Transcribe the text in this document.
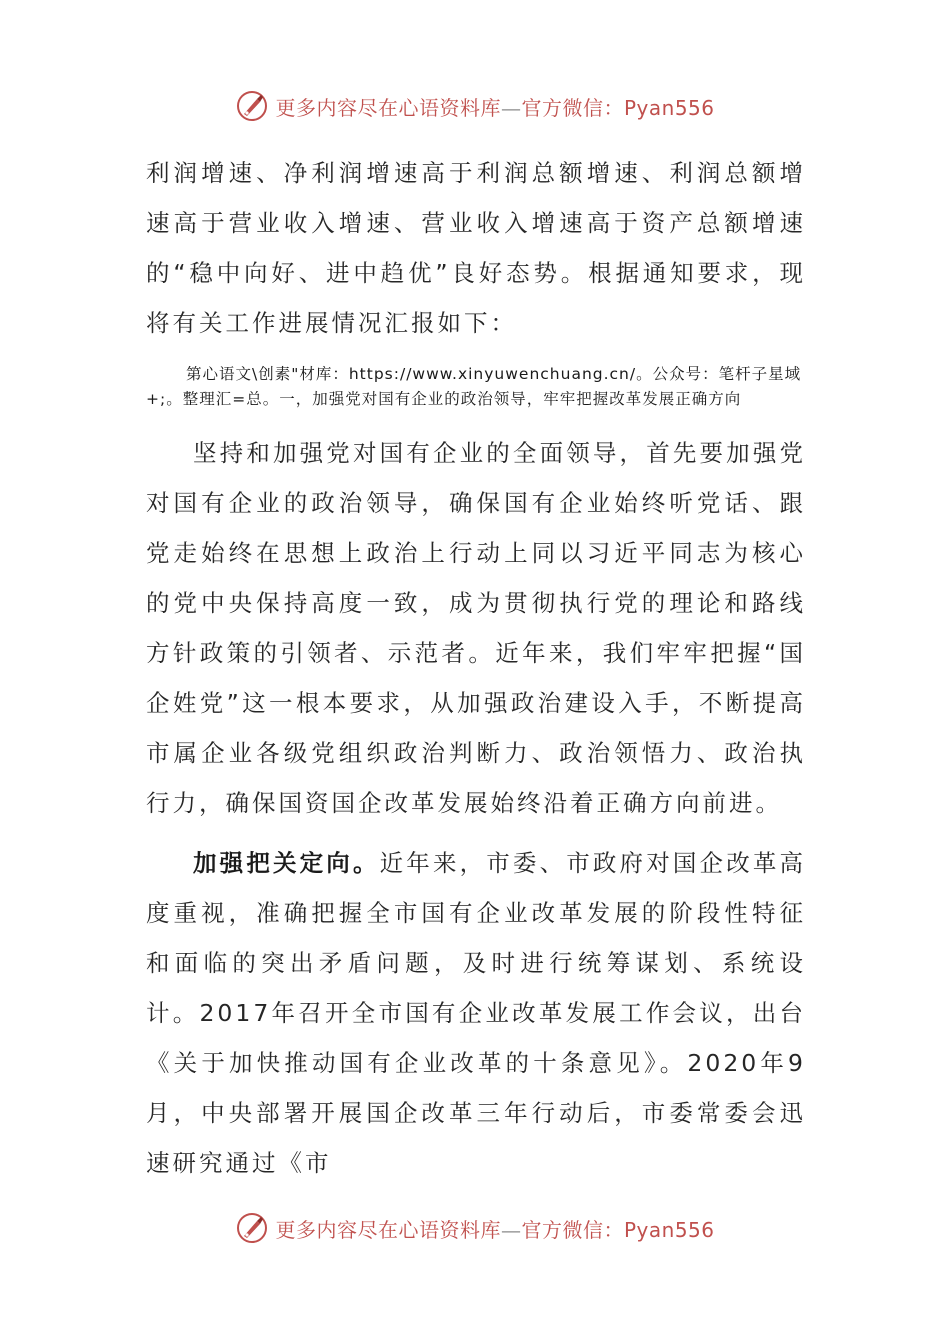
更多内容尽在心语资料库—官方微信：Pyan556

利润增速、净利润增速高于利润总额增速、利润总额增速高于营业收入增速、营业收入增速高于资产总额增速的“稳中向好、进中趋优”良好态势。根据通知要求，现将有关工作进展情况汇报如下：

第心语文\创素"材库：https://www.xinyuwenchuang.cn/。公众号：笔杆子星域+;。整理汇=总。一，加强党对国有企业的政治领导，牢牢把握改革发展正确方向

坚持和加强党对国有企业的全面领导，首先要加强党对国有企业的政治领导，确保国有企业始终听党话、跟党走始终在思想上政治上行动上同以习近平同志为核心的党中央保持高度一致，成为贯彻执行党的理论和路线方针政策的引领者、示范者。近年来，我们牢牢把握“国企姓党”这一根本要求，从加强政治建设入手，不断提高市属企业各级党组织政治判断力、政治领悟力、政治执行力，确保国资国企改革发展始终沿着正确方向前进。

加强把关定向。近年来，市委、市政府对国企改革高度重视，准确把握全市国有企业改革发展的阶段性特征和面临的突出矛盾问题，及时进行统筹谋划、系统设计。2017年召开全市国有企业改革发展工作会议，出台《关于加快推动国有企业改革的十条意见》。2020年9月，中央部署开展国企改革三年行动后，市委常委会迅速研究通过《市

更多内容尽在心语资料库—官方微信：Pyan556
